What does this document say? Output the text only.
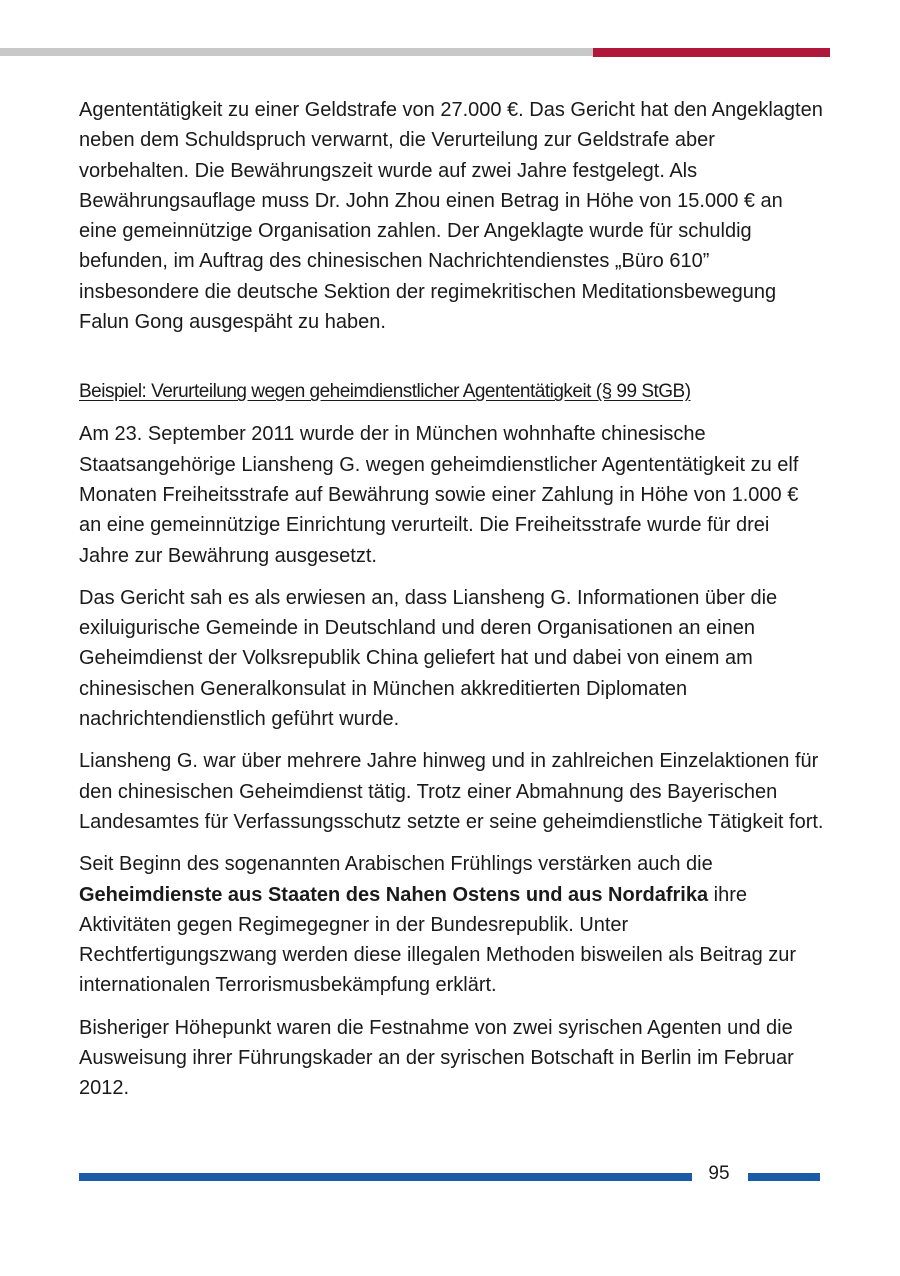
Agententätigkeit zu einer Geldstrafe von 27.000 €. Das Gericht hat den Angeklagten neben dem Schuldspruch verwarnt, die Verurteilung zur Geldstrafe aber vorbehalten. Die Bewährungszeit wurde auf zwei Jahre festgelegt. Als Bewährungsauflage muss Dr. John Zhou einen Betrag in Höhe von 15.000 € an eine gemeinnützige Organisation zahlen. Der Angeklagte wurde für schuldig befunden, im Auftrag des chinesischen Nachrichtendienstes „Büro 610” insbesondere die deutsche Sektion der regimekritischen Meditationsbewegung Falun Gong ausgespäht zu haben.

Beispiel: Verurteilung wegen geheimdienstlicher Agententätigkeit (§ 99 StGB)

Am 23. September 2011 wurde der in München wohnhafte chinesische Staatsangehörige Liansheng G. wegen geheimdienstlicher Agententätigkeit zu elf Monaten Freiheitsstrafe auf Bewährung sowie einer Zahlung in Höhe von 1.000 € an eine gemeinnützige Einrichtung verurteilt. Die Freiheitsstrafe wurde für drei Jahre zur Bewährung ausgesetzt.

Das Gericht sah es als erwiesen an, dass Liansheng G. Informationen über die exiluigurische Gemeinde in Deutschland und deren Organisationen an einen Geheimdienst der Volksrepublik China geliefert hat und dabei von einem am chinesischen Generalkonsulat in München akkreditierten Diplomaten nachrichtendienstlich geführt wurde.

Liansheng G. war über mehrere Jahre hinweg und in zahlreichen Einzelaktionen für den chinesischen Geheimdienst tätig. Trotz einer Abmahnung des Bayerischen Landesamtes für Verfassungsschutz setzte er seine geheimdienstliche Tätigkeit fort.

Seit Beginn des sogenannten Arabischen Frühlings verstärken auch die Geheimdienste aus Staaten des Nahen Ostens und aus Nordafrika ihre Aktivitäten gegen Regimegegner in der Bundesrepublik. Unter Rechtfertigungszwang werden diese illegalen Methoden bisweilen als Beitrag zur internationalen Terrorismusbekämpfung erklärt.

Bisheriger Höhepunkt waren die Festnahme von zwei syrischen Agenten und die Ausweisung ihrer Führungskader an der syrischen Botschaft in Berlin im Februar 2012.

95
